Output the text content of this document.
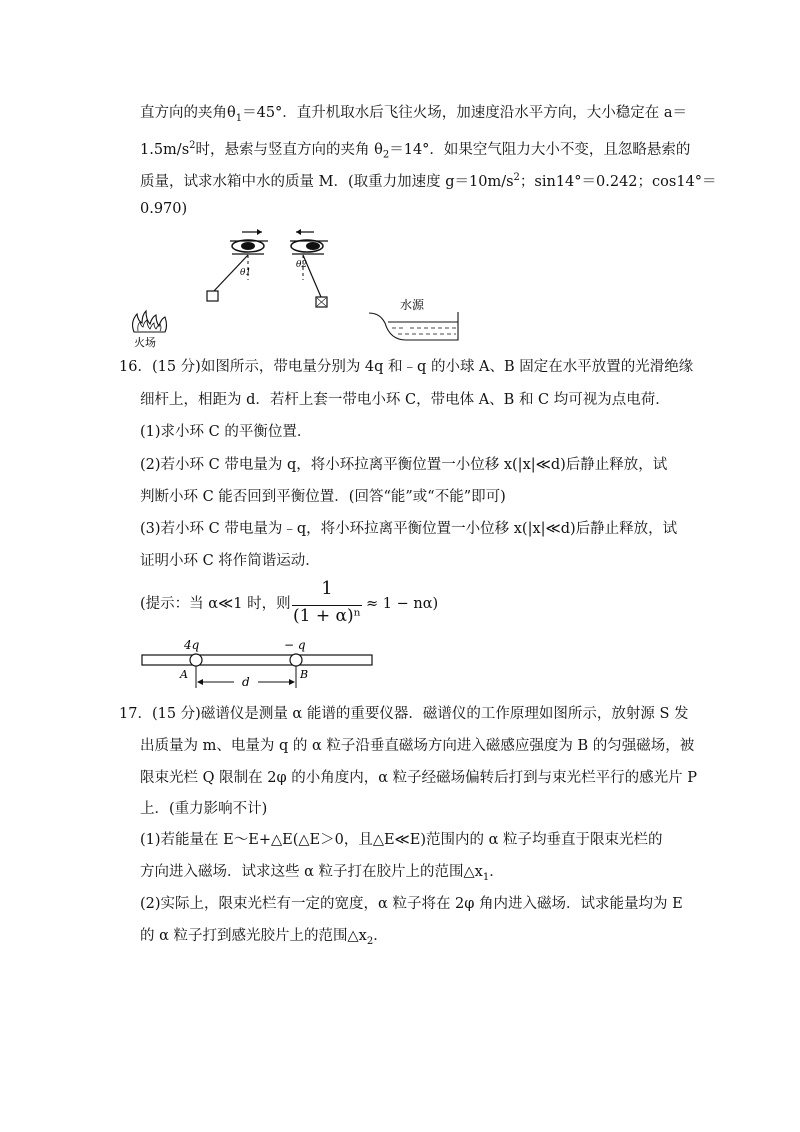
直方向的夹角$\theta_1=45^\circ$．直升机取水后飞往火场，加速度沿水平方向，大小稳定在 a＝
$1.5m/s^2$时，悬索与竖直方向的夹角 $\theta_2=14^\circ$．如果空气阻力大小不变，且忽略悬索的
质量，试求水箱中水的质量 M．(取重力加速度 $g=10m/s^2$；sin14°＝0.242；cos14°＝
0.970)
θ1
θ2
火场
水源
16．(15 分)如图所示，带电量分别为 4q 和﹣q 的小球 A、B 固定在水平放置的光滑绝缘
细杆上，相距为 d．若杆上套一带电小环 C，带电体 A、B 和 C 均可视为点电荷．
(1)求小环 C 的平衡位置．
(2)若小环 C 带电量为 q，将小环拉离平衡位置一小位移 x(|x|≪d)后静止释放，试
判断小环 C 能否回到平衡位置．(回答“能”或“不能”即可)
(3)若小环 C 带电量为﹣q，将小环拉离平衡位置一小位移 x(|x|≪d)后静止释放，试
证明小环 C 将作简谐运动．
(提示：当 α≪1 时，则
1
(1 + α)ⁿ
≈ 1 − nα)
4q	− q
A	B
d
17．(15 分)磁谱仪是测量 α 能谱的重要仪器．磁谱仪的工作原理如图所示，放射源 S 发
出质量为 m、电量为 q 的 α 粒子沿垂直磁场方向进入磁感应强度为 B 的匀强磁场，被
限束光栏 Q 限制在 2φ 的小角度内，α 粒子经磁场偏转后打到与束光栏平行的感光片 P
上．(重力影响不计)
(1)若能量在 E～E+△E(△E＞0，且△E≪E)范围内的 α 粒子均垂直于限束光栏的
方向进入磁场．试求这些 α 粒子打在胶片上的范围$\triangle x_1$．
(2)实际上，限束光栏有一定的宽度，α 粒子将在 2φ 角内进入磁场．试求能量均为 E
的 α 粒子打到感光胶片上的范围$\triangle x_2$．
